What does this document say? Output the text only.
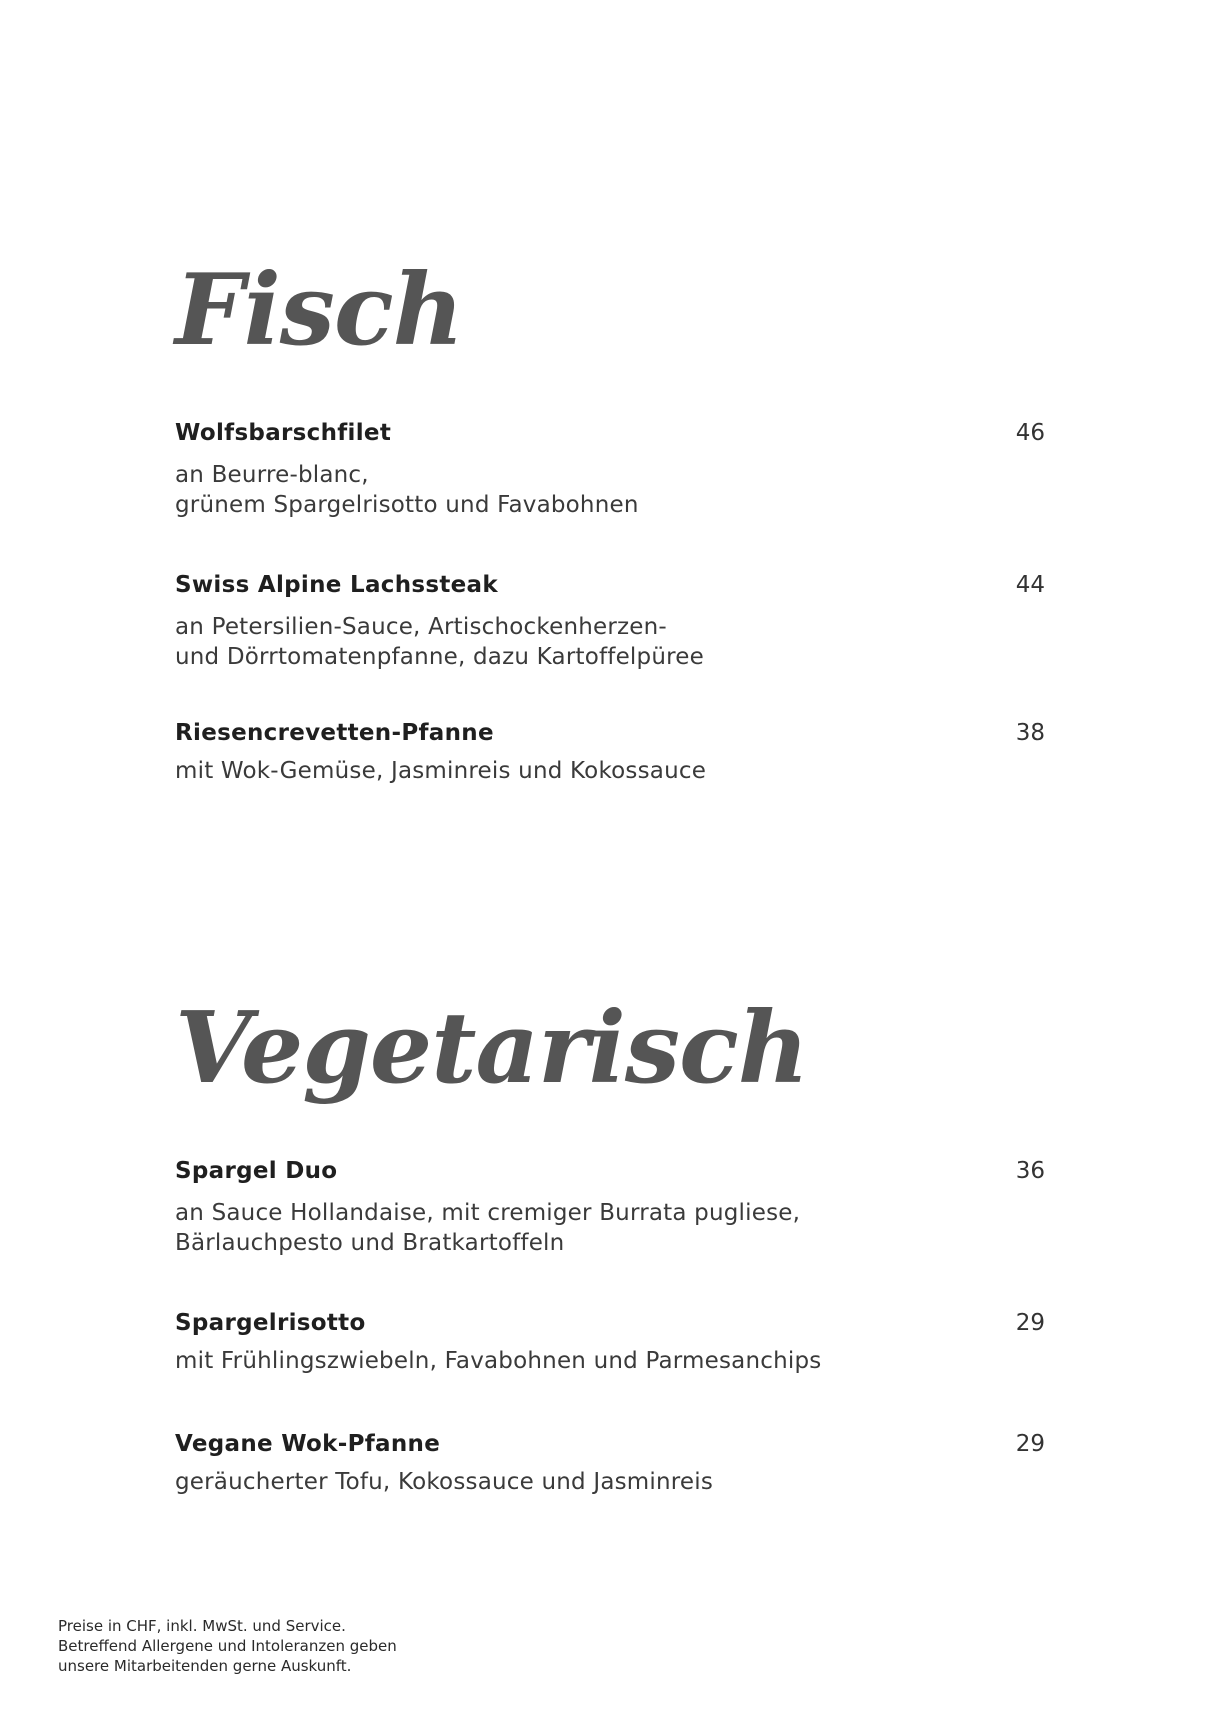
Fisch
Wolfsbarschfilet	46
an Beurre-blanc,
grünem Spargelrisotto und Favabohnen
Swiss Alpine Lachssteak	44
an Petersilien-Sauce, Artischockenherzen-
und Dörrtomatenpfanne, dazu Kartoffelpüree
Riesencrevetten-Pfanne	38
mit Wok-Gemüse, Jasminreis und Kokossauce
Vegetarisch
Spargel Duo	36
an Sauce Hollandaise, mit cremiger Burrata pugliese,
Bärlauchpesto und Bratkartoffeln
Spargelrisotto	29
mit Frühlingszwiebeln, Favabohnen und Parmesanchips
Vegane Wok-Pfanne	29
geräucherter Tofu, Kokossauce und Jasminreis
Preise in CHF, inkl. MwSt. und Service.
Betreffend Allergene und Intoleranzen geben
unsere Mitarbeitenden gerne Auskunft.
